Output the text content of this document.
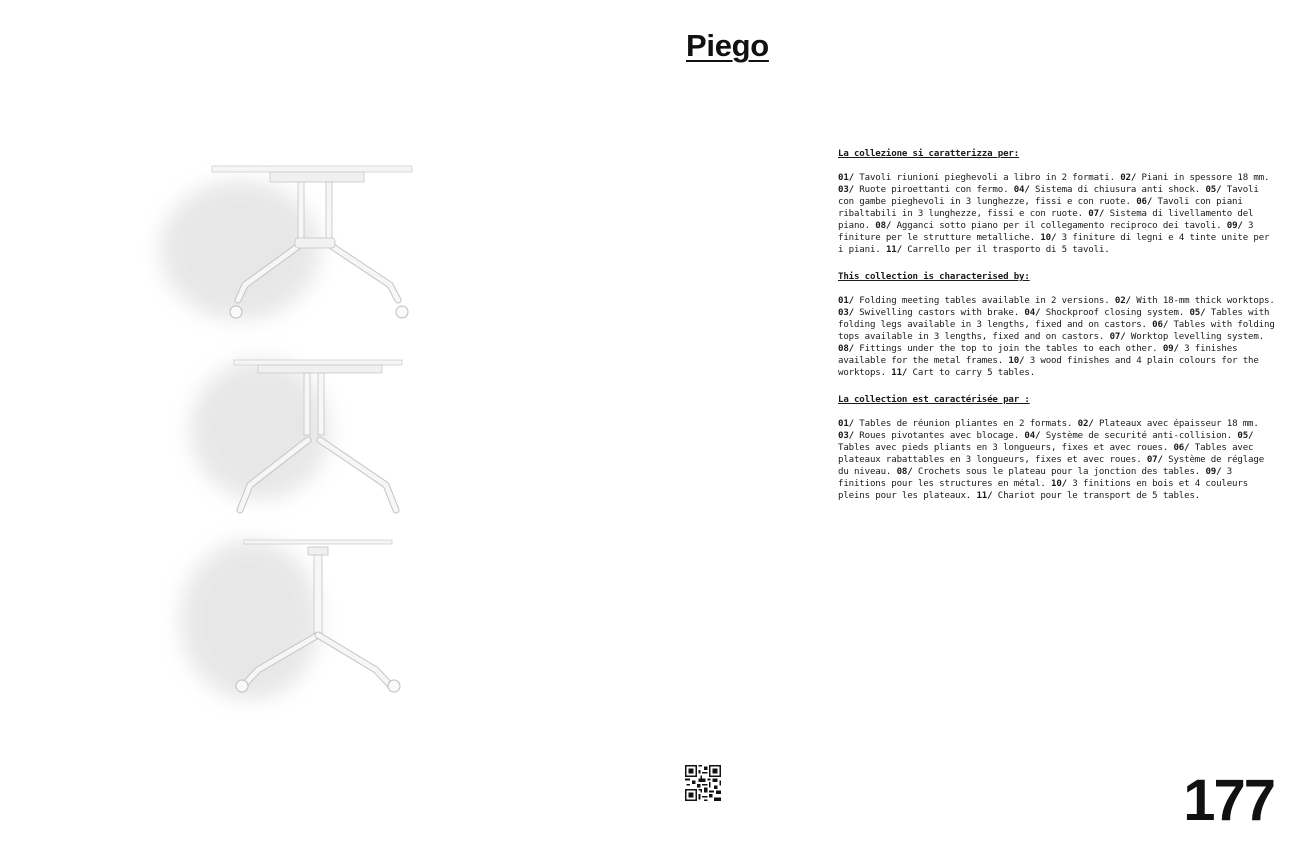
Piego
La collezione si caratterizza per:
01/ Tavoli riunioni pieghevoli a libro in 2 formati. 02/ Piani in spessore 18 mm. 03/ Ruote piroettanti con fermo. 04/ Sistema di chiusura anti shock. 05/ Tavoli con gambe pieghevoli in 3 lunghezze, fissi e con ruote. 06/ Tavoli con piani ribaltabili in 3 lunghezze, fissi e con ruote. 07/ Sistema di livellamento del piano. 08/ Agganci sotto piano per il collegamento reciproco dei tavoli. 09/ 3 finiture per le strutture metalliche. 10/ 3 finiture di legni e 4 tinte unite per i piani. 11/ Carrello per il trasporto di 5 tavoli.
This collection is characterised by:
01/ Folding meeting tables available in 2 versions. 02/ With 18-mm thick worktops. 03/ Swivelling castors with brake. 04/ Shockproof closing system. 05/ Tables with folding legs available in 3 lengths, fixed and on castors. 06/ Tables with folding tops available in 3 lengths, fixed and on castors. 07/ Worktop levelling system. 08/ Fittings under the top to join the tables to each other. 09/ 3 finishes available for the metal frames. 10/ 3 wood finishes and 4 plain colours for the worktops. 11/ Cart to carry 5 tables.
La collection est caractérisée par :
01/ Tables de réunion pliantes en 2 formats. 02/ Plateaux avec épaisseur 18 mm. 03/ Roues pivotantes avec blocage. 04/ Système de securité anti-collision. 05/ Tables avec pieds pliants en 3 longueurs, fixes et avec roues. 06/ Tables avec plateaux rabattables en 3 longueurs, fixes et avec roues. 07/ Système de réglage du niveau. 08/ Crochets sous le plateau pour la jonction des tables. 09/ 3 finitions pour les structures en métal. 10/ 3 finitions en bois et 4 couleurs pleins pour les plateaux. 11/ Chariot pour le transport de 5 tables.
177
